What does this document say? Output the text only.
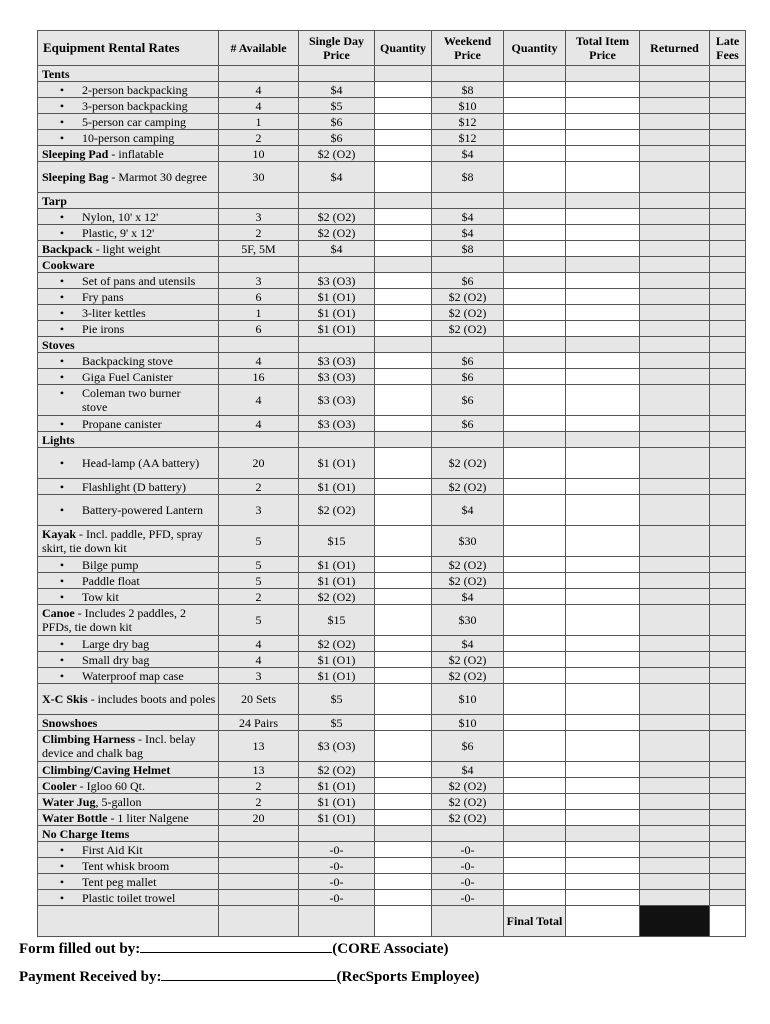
Equipment Rental Rates	# Available	Single Day Price	Quantity	Weekend Price	Quantity	Total Item Price	Returned	Late Fees
Tents								
• 2-person backpacking	4	$4		$8				
• 3-person backpacking	4	$5		$10				
• 5-person car camping	1	$6		$12				
• 10-person camping	2	$6		$12				
Sleeping Pad - inflatable	10	$2 (O2)		$4				
Sleeping Bag - Marmot 30 degree	30	$4		$8				
Tarp								
• Nylon, 10' x 12'	3	$2 (O2)		$4				
• Plastic, 9' x 12'	2	$2 (O2)		$4				
Backpack - light weight	5F, 5M	$4		$8				
Cookware								
• Set of pans and utensils	3	$3 (O3)		$6				
• Fry pans	6	$1 (O1)		$2 (O2)				
• 3-liter kettles	1	$1 (O1)		$2 (O2)				
• Pie irons	6	$1 (O1)		$2 (O2)				
Stoves								
• Backpacking stove	4	$3 (O3)		$6				
• Giga Fuel Canister	16	$3 (O3)		$6				
• Coleman two burner stove	4	$3 (O3)		$6				
• Propane canister	4	$3 (O3)		$6				
Lights								
• Head-lamp (AA battery)	20	$1 (O1)		$2 (O2)				
• Flashlight (D battery)	2	$1 (O1)		$2 (O2)				
• Battery-powered Lantern	3	$2 (O2)		$4				
Kayak - Incl. paddle, PFD, spray skirt, tie down kit	5	$15		$30				
• Bilge pump	5	$1 (O1)		$2 (O2)				
• Paddle float	5	$1 (O1)		$2 (O2)				
• Tow kit	2	$2 (O2)		$4				
Canoe - Includes 2 paddles, 2 PFDs, tie down kit	5	$15		$30				
• Large dry bag	4	$2 (O2)		$4				
• Small dry bag	4	$1 (O1)		$2 (O2)				
• Waterproof map case	3	$1 (O1)		$2 (O2)				
X-C Skis - includes boots and poles	20 Sets	$5		$10				
Snowshoes	24 Pairs	$5		$10				
Climbing Harness - Incl. belay device and chalk bag	13	$3 (O3)		$6				
Climbing/Caving Helmet	13	$2 (O2)		$4				
Cooler - Igloo 60 Qt.	2	$1 (O1)		$2 (O2)				
Water Jug, 5-gallon	2	$1 (O1)		$2 (O2)				
Water Bottle - 1 liter Nalgene	20	$1 (O1)		$2 (O2)				
No Charge Items								
• First Aid Kit		-0-		-0-				
• Tent whisk broom		-0-		-0-				
• Tent peg mallet		-0-		-0-				
• Plastic toilet trowel		-0-		-0-				
					Final Total			
Form filled out by:	(CORE Associate)
Payment Received by:	(RecSports Employee)
